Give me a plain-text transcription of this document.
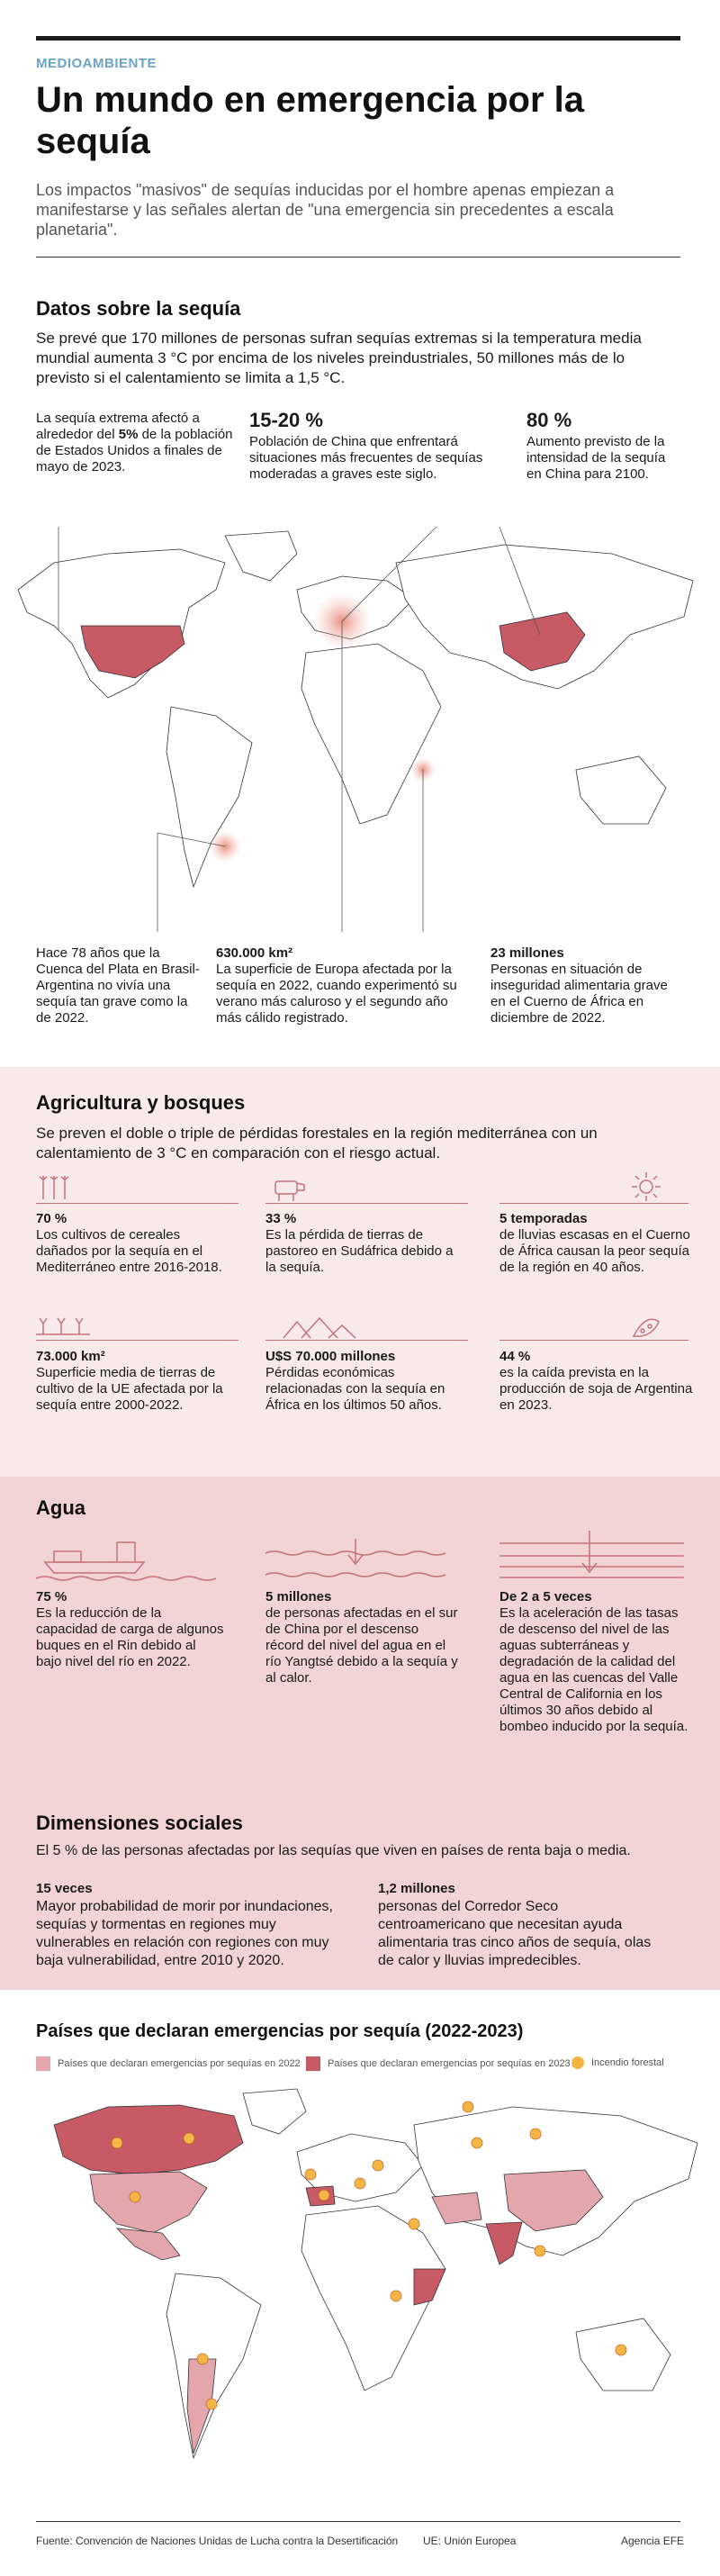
MEDIOAMBIENTE
Un mundo en emergencia por la sequía
Los impactos "masivos" de sequías inducidas por el hombre apenas empiezan a manifestarse y las señales alertan de "una emergencia sin precedentes a escala planetaria".
Datos sobre la sequía
Se prevé que 170 millones de personas sufran sequías extremas si la temperatura media mundial aumenta 3 °C por encima de los niveles preindustriales, 50 millones más de lo previsto si el calentamiento se limita a 1,5 °C.
La sequía extrema afectó a alrededor del 5% de la población de Estados Unidos a finales de mayo de 2023.
15-20 %
Población de China que enfrentará situaciones más frecuentes de sequías moderadas a graves este siglo.
80 %
Aumento previsto de la intensidad de la sequía en China para 2100.
Hace 78 años que la Cuenca del Plata en Brasil-Argentina no vivía una sequía tan grave como la de 2022.
630.000 km²
La superficie de Europa afectada por la sequía en 2022, cuando experimentó su verano más caluroso y el segundo año más cálido registrado.
23 millones
Personas en situación de inseguridad alimentaria grave en el Cuerno de África en diciembre de 2022.
Agricultura y bosques
Se preven el doble o triple de pérdidas forestales en la región mediterránea con un calentamiento de 3 °C en comparación con el riesgo actual.
70 %
Los cultivos de cereales dañados por la sequía en el Mediterráneo entre 2016-2018.
33 %
Es la pérdida de tierras de pastoreo en Sudáfrica debido a la sequía.
5 temporadas
de lluvias escasas en el Cuerno de África causan la peor sequía de la región en 40 años.
73.000 km²
Superficie media de tierras de cultivo de la UE afectada por la sequía entre 2000-2022.
U$S 70.000 millones
Pérdidas económicas relacionadas con la sequía en África en los últimos 50 años.
44 %
es la caída prevista en la producción de soja de Argentina en 2023.
Agua
75 %
Es la reducción de la capacidad de carga de algunos buques en el Rin debido al bajo nivel del río en 2022.
5 millones
de personas afectadas en el sur de China por el descenso récord del nivel del agua en el río Yangtsé debido a la sequía y al calor.
De 2 a 5 veces
Es la aceleración de las tasas de descenso del nivel de las aguas subterráneas y degradación de la calidad del agua en las cuencas del Valle Central de California en los últimos 30 años debido al bombeo inducido por la sequía.
Dimensiones sociales
El 5 % de las personas afectadas por las sequías que viven en países de renta baja o media.
15 veces
Mayor probabilidad de morir por inundaciones, sequías y tormentas en regiones muy vulnerables en relación con regiones con muy baja vulnerabilidad, entre 2010 y 2020.
1,2 millones
personas del Corredor Seco centroamericano que necesitan ayuda alimentaria tras cinco años de sequía, olas de calor y lluvias impredecibles.
Países que declaran emergencias por sequía (2022-2023)
Países que declaran emergencias por sequías en 2022	Países que declaran emergencias por sequías en 2023 Incendio forestal
Fuente: Convención de Naciones Unidas de Lucha contra la Desertificación UE: Unión Europea	Agencia EFE
